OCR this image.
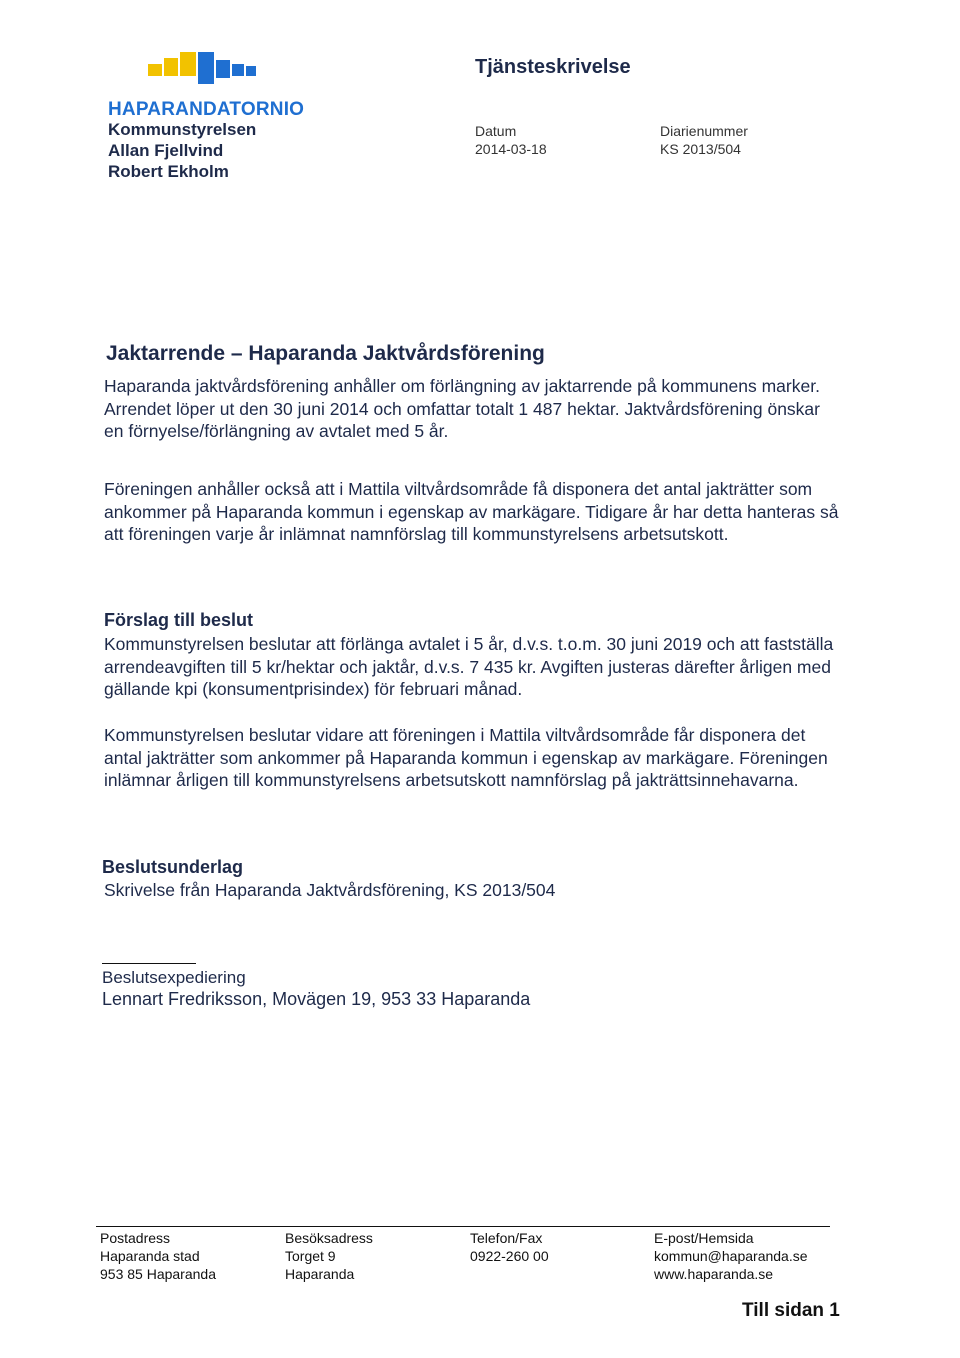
HAPARANDATORNIO
Kommunstyrelsen
Allan Fjellvind
Robert Ekholm
Tjänsteskrivelse
Datum
2014-03-18
Diarienummer
KS 2013/504
Jaktarrende – Haparanda Jaktvårdsförening

Haparanda jaktvårdsförening anhåller om förlängning av jaktarrende på kommunens marker. Arrendet löper ut den 30 juni 2014 och omfattar totalt 1 487 hektar. Jaktvårdsförening önskar en förnyelse/förlängning av avtalet med 5 år.

Föreningen anhåller också att i Mattila viltvårdsområde få disponera det antal jakträtter som ankommer på Haparanda kommun i egenskap av markägare. Tidigare år har detta hanteras så att föreningen varje år inlämnat namnförslag till kommunstyrelsens arbetsutskott.

Förslag till beslut

Kommunstyrelsen beslutar att förlänga avtalet i 5 år, d.v.s. t.o.m. 30 juni 2019 och att fastställa arrendeavgiften till 5 kr/hektar och jaktår, d.v.s. 7 435 kr. Avgiften justeras därefter årligen med gällande kpi (konsumentprisindex) för februari månad.

Kommunstyrelsen beslutar vidare att föreningen i Mattila viltvårdsområde får disponera det antal jakträtter som ankommer på Haparanda kommun i egenskap av markägare. Föreningen inlämnar årligen till kommunstyrelsens arbetsutskott namnförslag på jakträttsinnehavarna.

Beslutsunderlag

Skrivelse från Haparanda Jaktvårdsförening, KS 2013/504

Beslutsexpediering
Lennart Fredriksson, Movägen 19, 953 33 Haparanda
Postadress
Haparanda stad
953 85 Haparanda
Besöksadress
Torget 9
Haparanda
Telefon/Fax
0922-260 00
E-post/Hemsida
kommun@haparanda.se
www.haparanda.se
Till sidan 1
